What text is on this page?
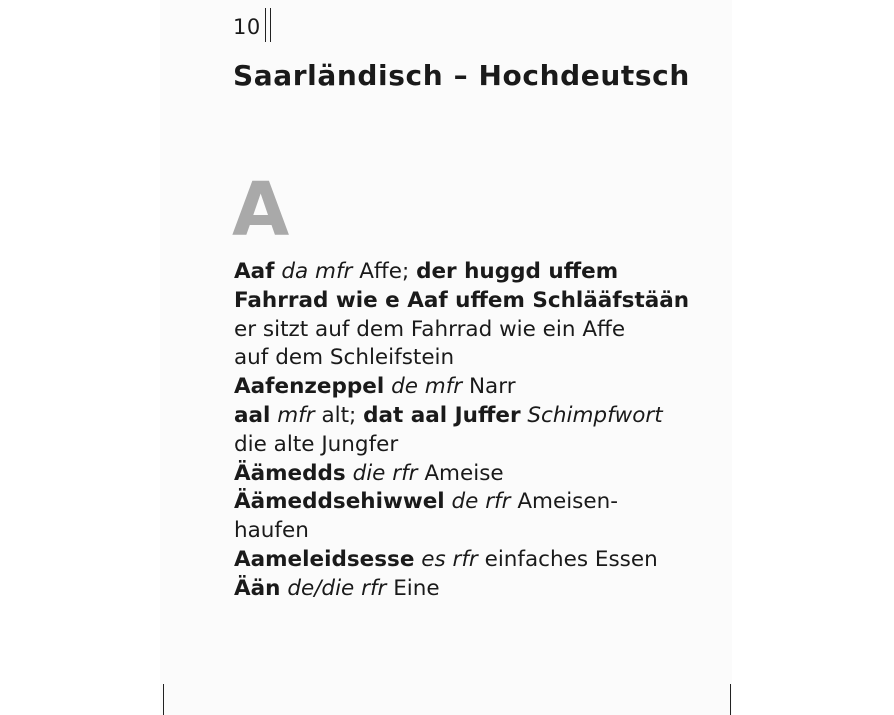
10
Saarländisch – Hochdeutsch
A
Aaf da mfr Affe; der huggd uffem
Fahrrad wie e Aaf uffem Schlääfstään
er sitzt auf dem Fahrrad wie ein Affe
auf dem Schleifstein
Aafenzeppel de mfr Narr
aal mfr alt; dat aal Juffer Schimpfwort
die alte Jungfer
Äämedds die rfr Ameise
Äämeddsehiwwel de rfr Ameisen-
haufen
Aameleidsesse es rfr einfaches Essen
Ään de/die rfr Eine
